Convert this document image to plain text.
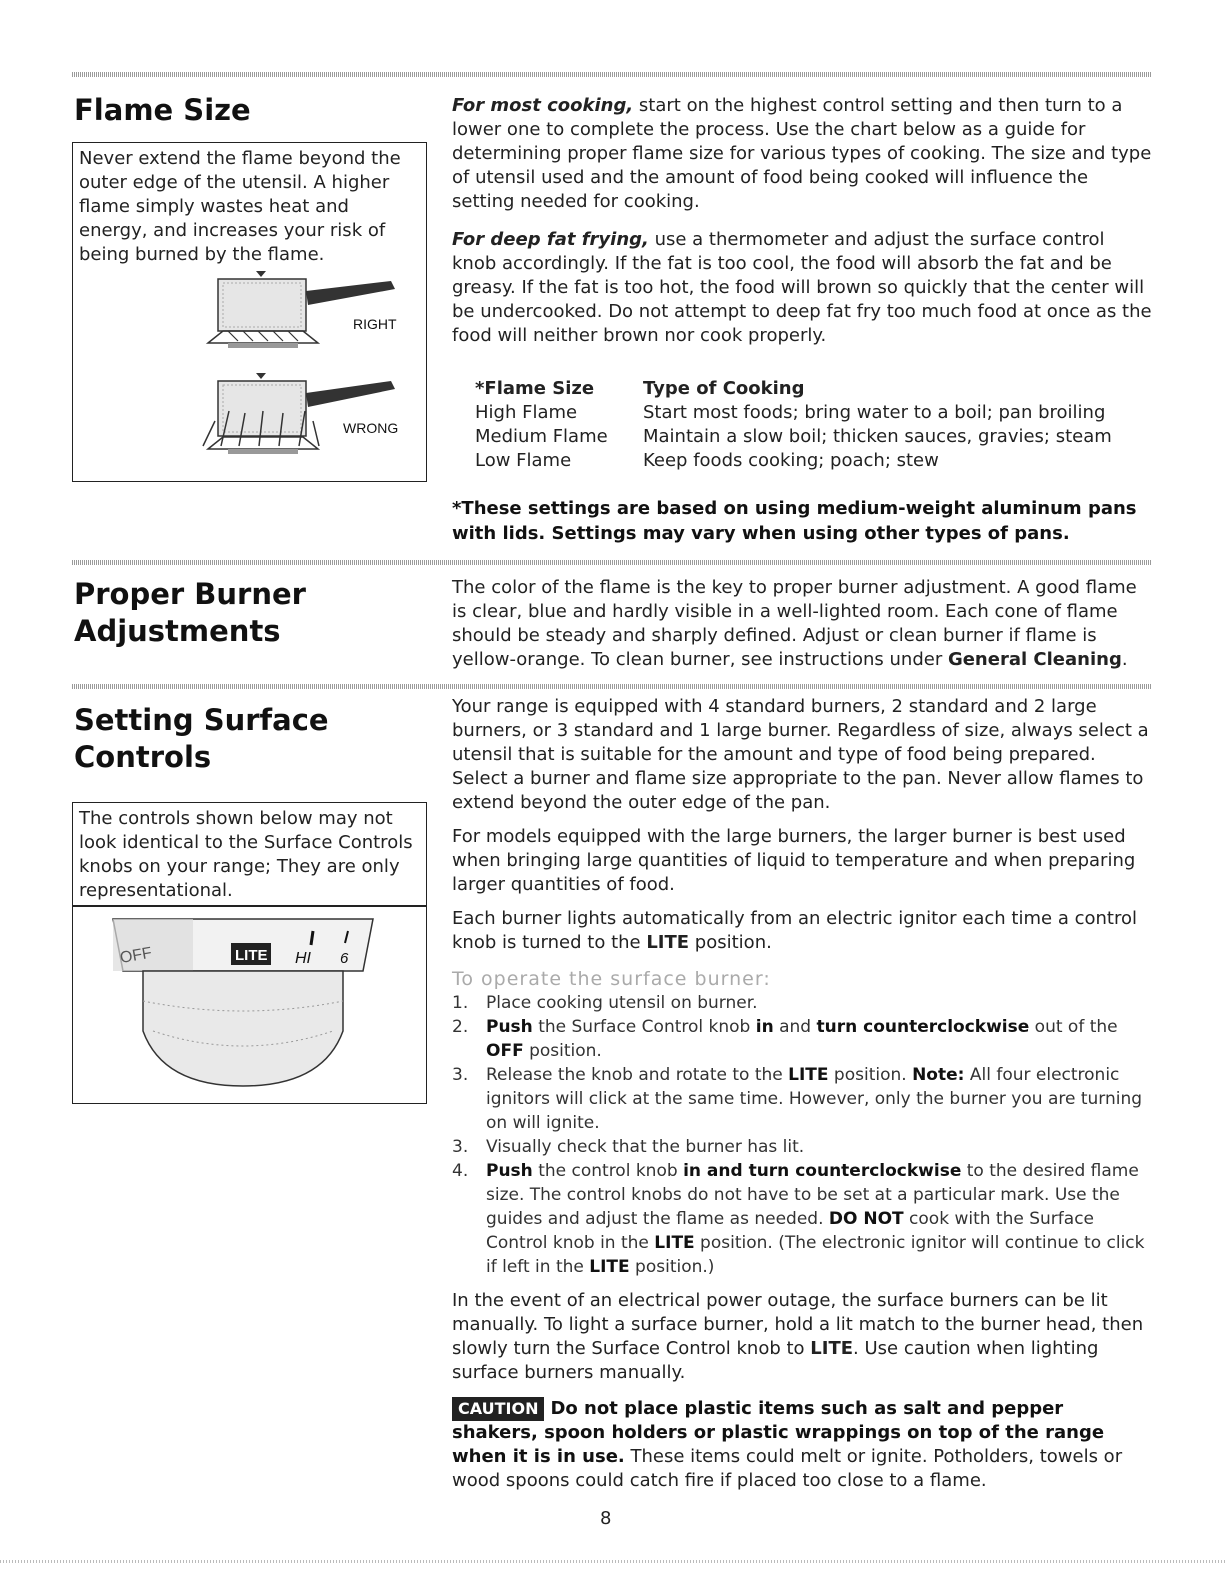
Flame Size
Never extend the flame beyond the outer edge of the utensil. A higher flame simply wastes heat and energy, and increases your risk of being burned by the flame.
RIGHT
WRONG

For most cooking, start on the highest control setting and then turn to a lower one to complete the process. Use the chart below as a guide for determining proper flame size for various types of cooking. The size and type of utensil used and the amount of food being cooked will influence the setting needed for cooking.

For deep fat frying, use a thermometer and adjust the surface control knob accordingly. If the fat is too cool, the food will absorb the fat and be greasy. If the fat is too hot, the food will brown so quickly that the center will be undercooked. Do not attempt to deep fat fry too much food at once as the food will neither brown nor cook properly.

*Flame Size	Type of Cooking
High Flame	Start most foods; bring water to a boil; pan broiling
Medium Flame	Maintain a slow boil; thicken sauces, gravies; steam
Low Flame	Keep foods cooking; poach; stew
*These settings are based on using medium-weight aluminum pans with lids. Settings may vary when using other types of pans.
Proper Burner
Adjustments

The color of the flame is the key to proper burner adjustment. A good flame is clear, blue and hardly visible in a well-lighted room. Each cone of flame should be steady and sharply defined. Adjust or clean burner if flame is yellow-orange. To clean burner, see instructions under General Cleaning.

Setting Surface
Controls
The controls shown below may not look identical to the Surface Controls knobs on your range; They are only representational.
OFF	LITE HI 6

Your range is equipped with 4 standard burners, 2 standard and 2 large burners, or 3 standard and 1 large burner. Regardless of size, always select a utensil that is suitable for the amount and type of food being prepared. Select a burner and flame size appropriate to the pan. Never allow flames to extend beyond the outer edge of the pan.

For models equipped with the large burners, the larger burner is best used when bringing large quantities of liquid to temperature and when preparing larger quantities of food.

Each burner lights automatically from an electric ignitor each time a control knob is turned to the LITE position.

To operate the surface burner:
1.	Place cooking utensil on burner.
2.	Push the Surface Control knob in and turn counterclockwise out of the OFF position.
3.	Release the knob and rotate to the LITE position. Note: All four electronic ignitors will click at the same time. However, only the burner you are turning on will ignite.
3.	Visually check that the burner has lit.
4.	Push the control knob in and turn counterclockwise to the desired flame size. The control knobs do not have to be set at a particular mark. Use the guides and adjust the flame as needed. DO NOT cook with the Surface Control knob in the LITE position. (The electronic ignitor will continue to click if left in the LITE position.)

In the event of an electrical power outage, the surface burners can be lit manually. To light a surface burner, hold a lit match to the burner head, then slowly turn the Surface Control knob to LITE. Use caution when lighting surface burners manually.

CAUTION Do not place plastic items such as salt and pepper shakers, spoon holders or plastic wrappings on top of the range when it is in use. These items could melt or ignite. Potholders, towels or wood spoons could catch fire if placed too close to a flame.

8
